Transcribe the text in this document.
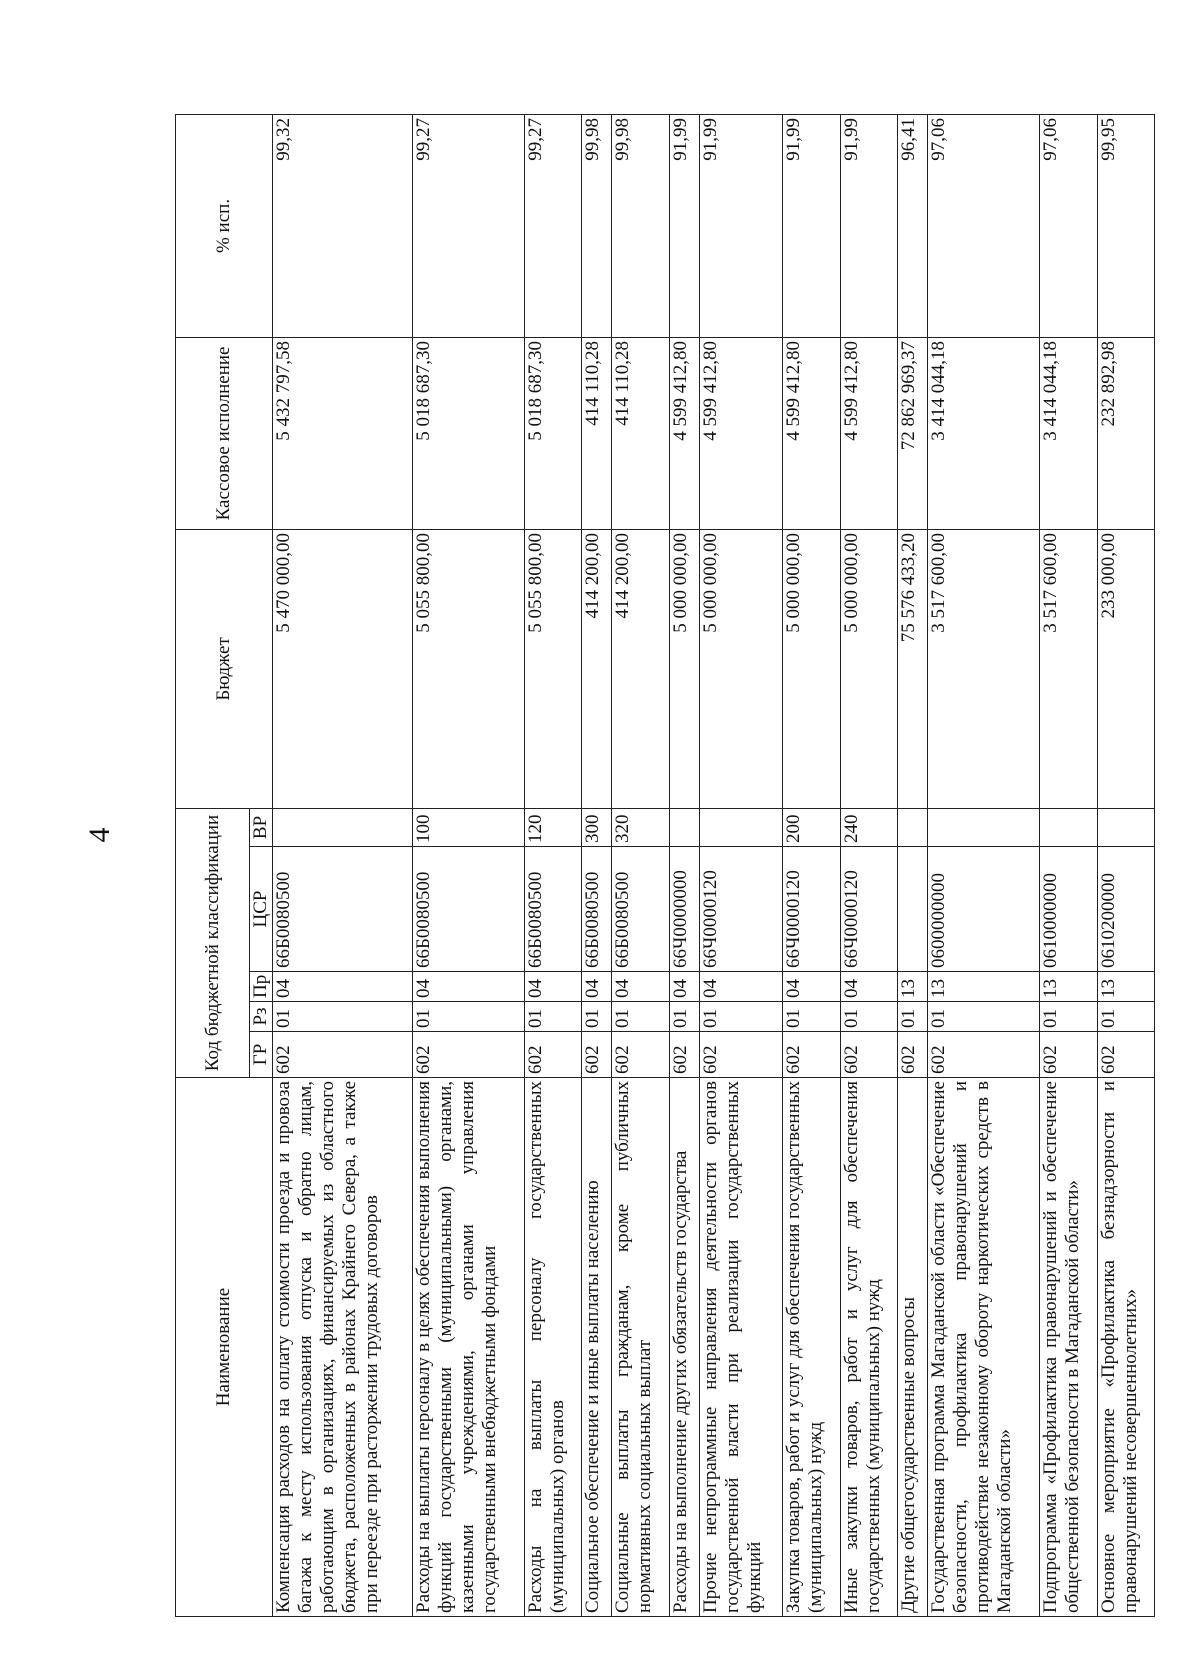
4
Наименование	Код бюджетной классификации					Бюджет	Кассовое исполнение	% исп.
	ГР	Рз	Пр	ЦСР	ВР			
Компенсация расходов на оплату стоимости проезда и провоза багажа к месту использования отпуска и обратно лицам, работающим в организациях, финансируемых из областного бюджета, расположенных в районах Крайнего Севера, а также при переезде при расторжении трудовых договоров	602	01	04	66Б0080500		5 470 000,00	5 432 797,58	99,32
Расходы на выплаты персоналу в целях обеспечения выполнения функций государственными (муниципальными) органами, казенными учреждениями, органами управления государственными внебюджетными фондами	602	01	04	66Б0080500	100	5 055 800,00	5 018 687,30	99,27
Расходы на выплаты персоналу государственных (муниципальных) органов	602	01	04	66Б0080500	120	5 055 800,00	5 018 687,30	99,27
Социальное обеспечение и иные выплаты населению	602	01	04	66Б0080500	300	414 200,00	414 110,28	99,98
Социальные выплаты гражданам, кроме публичных нормативных социальных выплат	602	01	04	66Б0080500	320	414 200,00	414 110,28	99,98
Расходы на выполнение других обязательств государства	602	01	04	66Ч0000000		5 000 000,00	4 599 412,80	91,99
Прочие непрограммные направления деятельности органов государственной власти при реализации государственных функций	602	01	04	66Ч0000120		5 000 000,00	4 599 412,80	91,99
Закупка товаров, работ и услуг для обеспечения государственных (муниципальных) нужд	602	01	04	66Ч0000120	200	5 000 000,00	4 599 412,80	91,99
Иные закупки товаров, работ и услуг для обеспечения государственных (муниципальных) нужд	602	01	04	66Ч0000120	240	5 000 000,00	4 599 412,80	91,99
Другие общегосударственные вопросы	602	01	13			75 576 433,20	72 862 969,37	96,41
Государственная программа Магаданской области «Обеспечение безопасности, профилактика правонарушений и противодействие незаконному обороту наркотических средств в Магаданской области»	602	01	13	0600000000		3 517 600,00	3 414 044,18	97,06
Подпрограмма «Профилактика правонарушений и обеспечение общественной безопасности в Магаданской области»	602	01	13	0610000000		3 517 600,00	3 414 044,18	97,06
Основное мероприятие «Профилактика безнадзорности и правонарушений несовершеннолетних»	602	01	13	0610200000		233 000,00	232 892,98	99,95
